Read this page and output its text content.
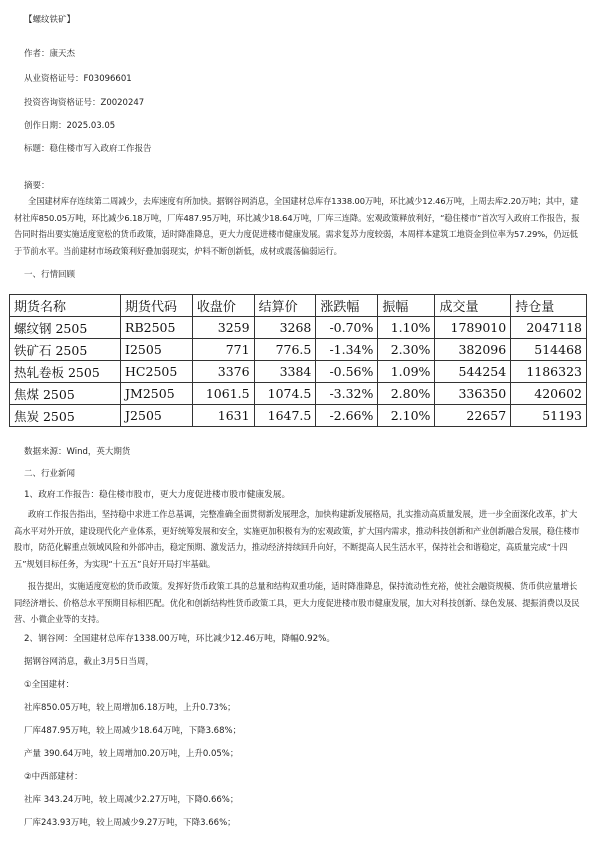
【螺纹铁矿】
作者：康天杰
从业资格证号：F03096601
投资咨询资格证号：Z0020247
创作日期：2025.03.05
标题：稳住楼市写入政府工作报告
摘要：

全国建材库存连续第二周减少，去库速度有所加快。据钢谷网消息，全国建材总库存1338.00万吨，环比减少12.46万吨，上周去库2.20万吨；其中，建材社库850.05万吨，环比减少6.18万吨，厂库487.95万吨，环比减少18.64万吨，厂库三连降。宏观政策释放利好，“稳住楼市”首次写入政府工作报告，报告同时指出要实施适度宽松的货币政策，适时降准降息，更大力度促进楼市健康发展。需求复苏力度较弱，本周样本建筑工地资金到位率为57.29%，仍远低于节前水平。当前建材市场政策利好叠加弱现实，炉料不断创新低，成材或震荡偏弱运行。

一、行情回顾
期货名称	期货代码	收盘价	结算价	涨跌幅	振幅	成交量	持仓量
螺纹钢 2505	RB2505	3259	3268	-0.70%	1.10%	1789010	2047118
铁矿石 2505	I2505	771	776.5	-1.34%	2.30%	382096	514468
热轧卷板 2505	HC2505	3376	3384	-0.56%	1.09%	544254	1186323
焦煤 2505	JM2505	1061.5	1074.5	-3.32%	2.80%	336350	420602
焦炭 2505	J2505	1631	1647.5	-2.66%	2.10%	22657	51193
数据来源：Wind，英大期货
二、行业新闻
1、政府工作报告：稳住楼市股市，更大力度促进楼市股市健康发展。

政府工作报告指出，坚持稳中求进工作总基调，完整准确全面贯彻新发展理念，加快构建新发展格局，扎实推动高质量发展，进一步全面深化改革，扩大高水平对外开放，建设现代化产业体系，更好统筹发展和安全，实施更加积极有为的宏观政策，扩大国内需求，推动科技创新和产业创新融合发展，稳住楼市股市，防范化解重点领域风险和外部冲击，稳定预期、激发活力，推动经济持续回升向好，不断提高人民生活水平，保持社会和谐稳定，高质量完成“十四五”规划目标任务，为实现“十五五”良好开局打牢基础。

报告提出，实施适度宽松的货币政策。发挥好货币政策工具的总量和结构双重功能，适时降准降息，保持流动性充裕，使社会融资规模、货币供应量增长同经济增长、价格总水平预期目标相匹配。优化和创新结构性货币政策工具，更大力度促进楼市股市健康发展，加大对科技创新、绿色发展、提振消费以及民营、小微企业等的支持。

2、钢谷网：全国建材总库存1338.00万吨，环比减少12.46万吨，降幅0.92%。
据钢谷网消息，截止3月5日当周，
①全国建材：
社库850.05万吨，较上周增加6.18万吨，上升0.73%；
厂库487.95万吨，较上周减少18.64万吨，下降3.68%；
产量 390.64万吨，较上周增加0.20万吨，上升0.05%；
②中西部建材：
社库 343.24万吨，较上周减少2.27万吨，下降0.66%；
厂库243.93万吨，较上周减少9.27万吨，下降3.66%；
